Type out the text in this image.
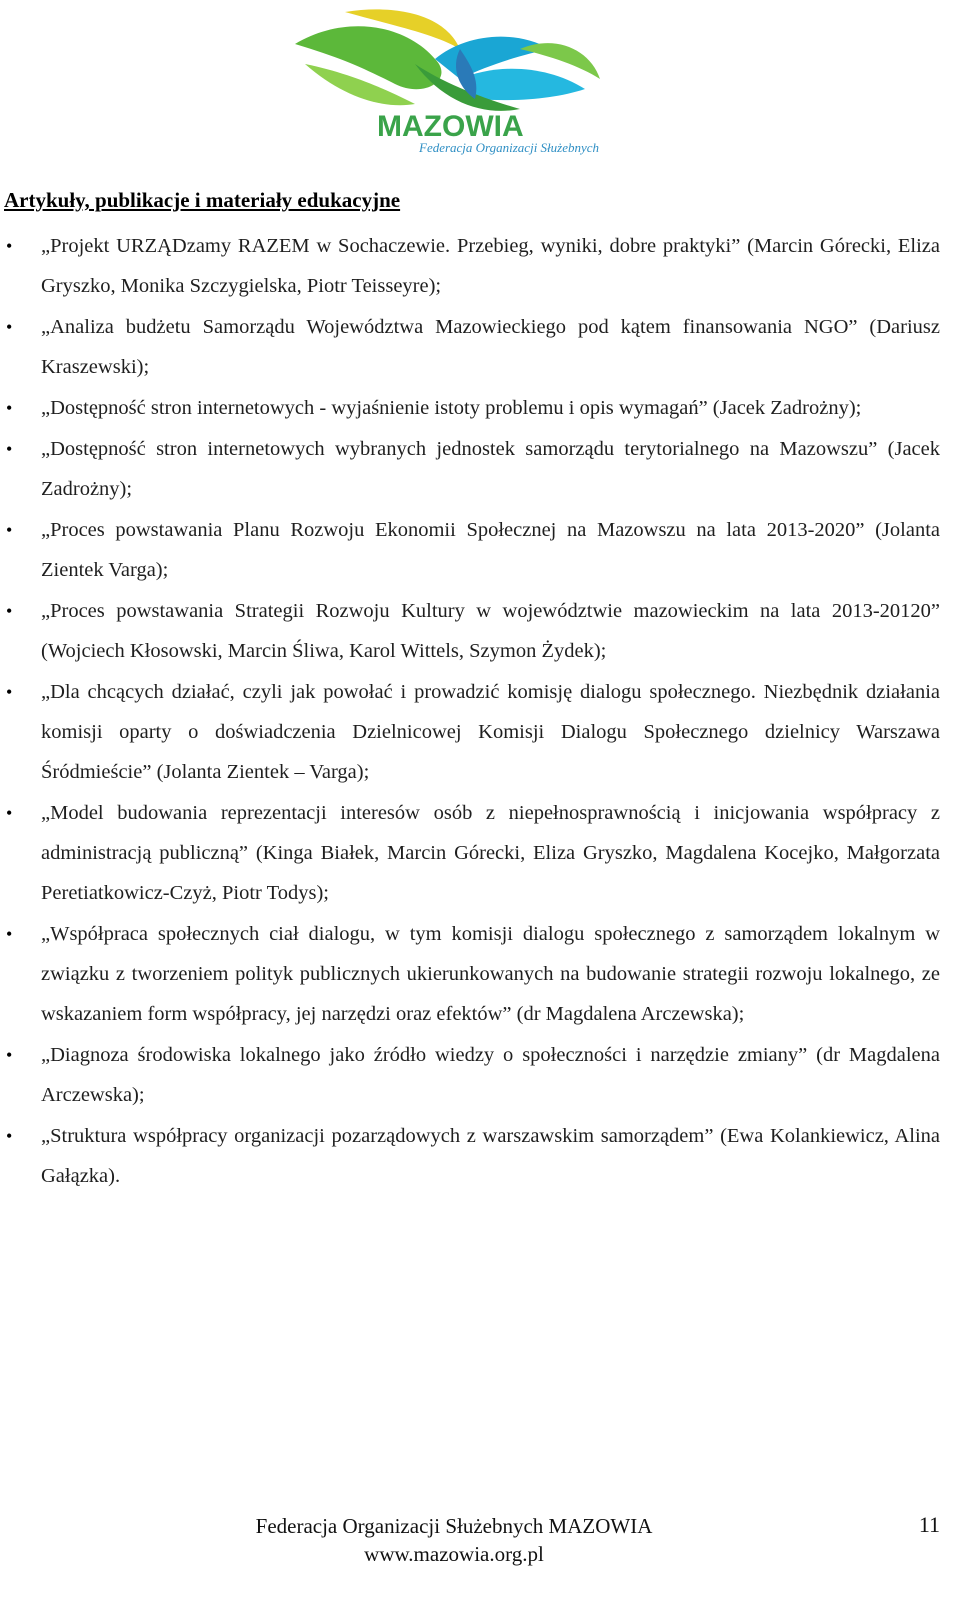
MAZOWIA
Federacja Organizacji Służebnych
Artykuły, publikacje i materiały edukacyjne
• „Projekt URZĄDzamy RAZEM w Sochaczewie. Przebieg, wyniki, dobre praktyki” (Marcin Górecki, Eliza Gryszko, Monika Szczygielska, Piotr Teisseyre);
• „Analiza budżetu Samorządu Województwa Mazowieckiego pod kątem finansowania NGO” (Dariusz Kraszewski);
• „Dostępność stron internetowych - wyjaśnienie istoty problemu i opis wymagań” (Jacek Zadrożny);
• „Dostępność stron internetowych wybranych jednostek samorządu terytorialnego na Mazowszu” (Jacek Zadrożny);
• „Proces powstawania Planu Rozwoju Ekonomii Społecznej na Mazowszu na lata 2013-2020” (Jolanta Zientek Varga);
• „Proces powstawania Strategii Rozwoju Kultury w województwie mazowieckim na lata 2013-20120” (Wojciech Kłosowski, Marcin Śliwa, Karol Wittels, Szymon Żydek);
• „Dla chcących działać, czyli jak powołać i prowadzić komisję dialogu społecznego. Niezbędnik działania komisji oparty o doświadczenia Dzielnicowej Komisji Dialogu Społecznego dzielnicy Warszawa Śródmieście” (Jolanta Zientek – Varga);
• „Model budowania reprezentacji interesów osób z niepełnosprawnością i inicjowania współpracy z administracją publiczną” (Kinga Białek, Marcin Górecki, Eliza Gryszko, Magdalena Kocejko, Małgorzata Peretiatkowicz-Czyż, Piotr Todys);
• „Współpraca społecznych ciał dialogu, w tym komisji dialogu społecznego z samorządem lokalnym w związku z tworzeniem polityk publicznych ukierunkowanych na budowanie strategii rozwoju lokalnego, ze wskazaniem form współpracy, jej narzędzi oraz efektów” (dr Magdalena Arczewska);
• „Diagnoza środowiska lokalnego jako źródło wiedzy o społeczności i narzędzie zmiany” (dr Magdalena Arczewska);
• „Struktura współpracy organizacji pozarządowych z warszawskim samorządem” (Ewa Kolankiewicz, Alina Gałązka).
Federacja Organizacji Służebnych MAZOWIA
www.mazowia.org.pl
11
